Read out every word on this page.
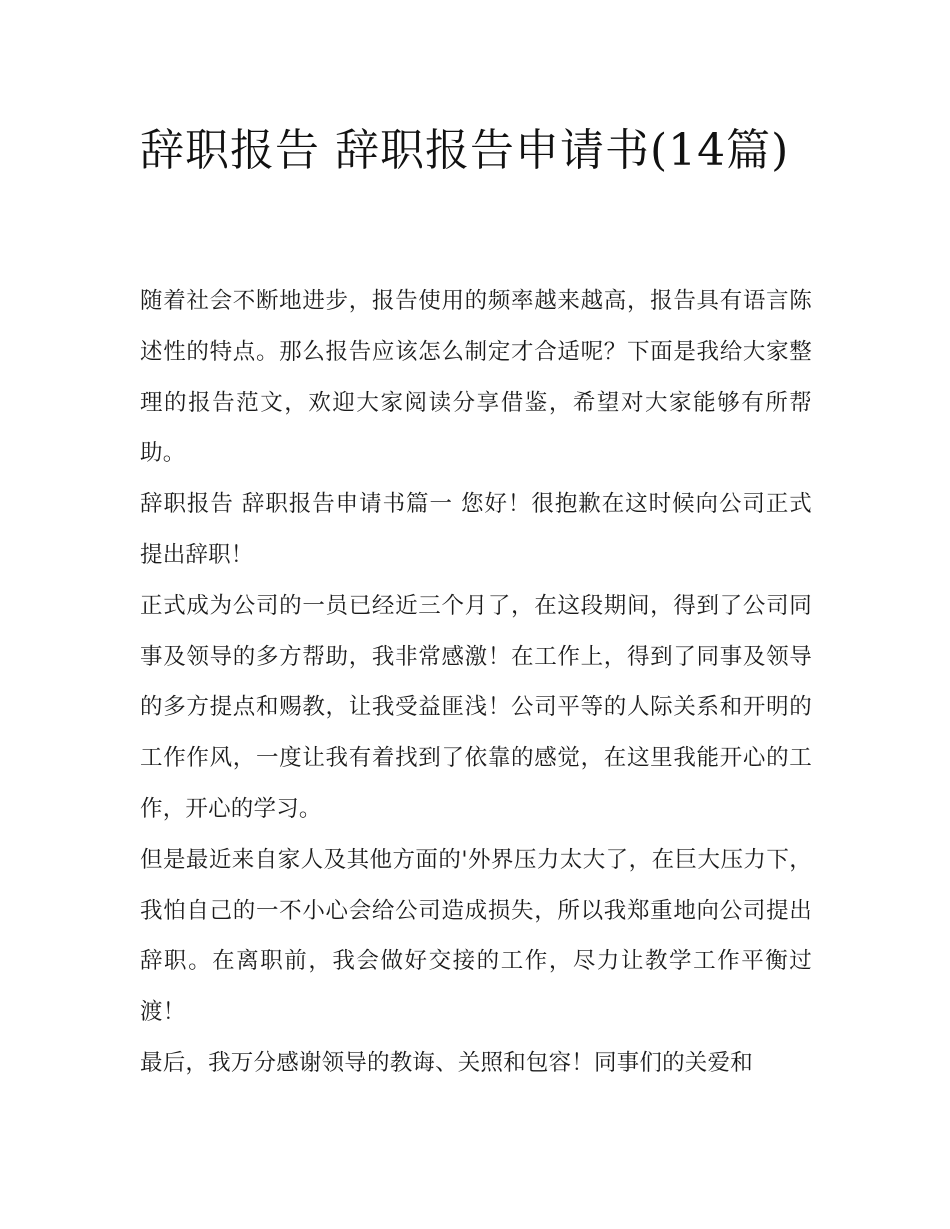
辞职报告 辞职报告申请书(14篇)

随着社会不断地进步，报告使用的频率越来越高，报告具有语言陈述性的特点。那么报告应该怎么制定才合适呢？下面是我给大家整理的报告范文，欢迎大家阅读分享借鉴，希望对大家能够有所帮助。

辞职报告 辞职报告申请书篇一 您好！很抱歉在这时候向公司正式提出辞职！

正式成为公司的一员已经近三个月了，在这段期间，得到了公司同事及领导的多方帮助，我非常感激！在工作上，得到了同事及领导的多方提点和赐教，让我受益匪浅！公司平等的人际关系和开明的工作作风，一度让我有着找到了依靠的感觉，在这里我能开心的工作，开心的学习。

但是最近来自家人及其他方面的'外界压力太大了，在巨大压力下，我怕自己的一不小心会给公司造成损失，所以我郑重地向公司提出辞职。在离职前，我会做好交接的工作，尽力让教学工作平衡过渡！

最后，我万分感谢领导的教诲、关照和包容！同事们的关爱和
